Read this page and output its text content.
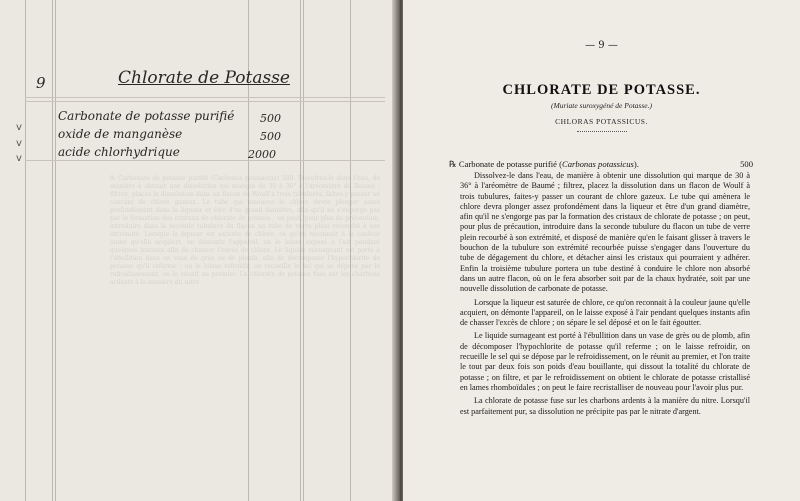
℞ Carbonate de potasse purifié (Carbonas potassicus) 500. Dissolvez-le dans l'eau, de manière à obtenir une dissolution qui marque de 30 à 36° à l'aréomètre de Baumé ; filtrez, placez la dissolution dans un flacon de Woulf à trois tubulures, faites-y passer un courant de chlore gazeux. Le tube qui amènera le chlore devra plonger assez profondément dans la liqueur et être d'un grand diamètre, afin qu'il ne s'engorge pas par la formation des cristaux de chlorate de potasse ; on peut, pour plus de précaution, introduire dans la seconde tubulure du flacon un tube de verre plein recourbé à son extrémité. Lorsque la liqueur est saturée de chlore, ce qu'on reconnait à la couleur jaune qu'elle acquiert, on démonte l'appareil, on le laisse exposé à l'air pendant quelques instants afin de chasser l'excès de chlore. Le liquide surnageant est porté à l'ébullition dans un vase de grès ou de plomb, afin de décomposer l'hypochlorite de potasse qu'il referme ; on le laisse refroidir, on recueille le sel qui se dépose par le refroidissement, on le réunit au premier. La chlorate de potasse fuse sur les charbons ardents à la manière du nitre.
9	Chlorate de Potasse
v
v
v
Carbonate de potasse purifié 500
oxide de manganèse	500
acide chlorhydrique	2000
— 9 —
CHLORATE DE POTASSE.
(Muriate suroxygéné de Potasse.)
CHLORAS POTASSICUS.
℞ Carbonate de potasse purifié (Carbonas potassicus).	500

Dissolvez-le dans l'eau, de manière à obtenir une dissolution qui marque de 30 à 36° à l'aréomètre de Baumé ; filtrez, placez la dissolution dans un flacon de Woulf à trois tubulures, faites-y passer un courant de chlore gazeux. Le tube qui amènera le chlore devra plonger assez profondément dans la liqueur et être d'un grand diamètre, afin qu'il ne s'engorge pas par la formation des cristaux de chlorate de potasse ; on peut, pour plus de précaution, introduire dans la seconde tubulure du flacon un tube de verre plein recourbé à son extrémité, et disposé de manière qu'en le faisant glisser à travers le bouchon de la tubulure son extrémité recourbée puisse s'engager dans l'ouverture du tube de dégagement du chlore, et détacher ainsi les cristaux qui pourraient y adhérer. Enfin la troisième tubulure portera un tube destiné à conduire le chlore non absorbé dans un autre flacon, où on le fera absorber soit par de la chaux hydratée, soit par une nouvelle dissolution de carbonate de potasse.

Lorsque la liqueur est saturée de chlore, ce qu'on reconnait à la couleur jaune qu'elle acquiert, on démonte l'appareil, on le laisse exposé à l'air pendant quelques instants afin de chasser l'excès de chlore ; on sépare le sel déposé et on le fait égoutter.

Le liquide surnageant est porté à l'ébullition dans un vase de grès ou de plomb, afin de décomposer l'hypochlorite de potasse qu'il referme ; on le laisse refroidir, on recueille le sel qui se dépose par le refroidissement, on le réunit au premier, et l'on traite le tout par deux fois son poids d'eau bouillante, qui dissout la totalité du chlorate de potasse ; on filtre, et par le refroidissement on obtient le chlorate de potasse cristallisé en lames rhomboïdales ; on peut le faire recristalliser de nouveau pour l'avoir plus pur.

La chlorate de potasse fuse sur les charbons ardents à la manière du nitre. Lorsqu'il est parfaitement pur, sa dissolution ne précipite pas par le nitrate d'argent.
